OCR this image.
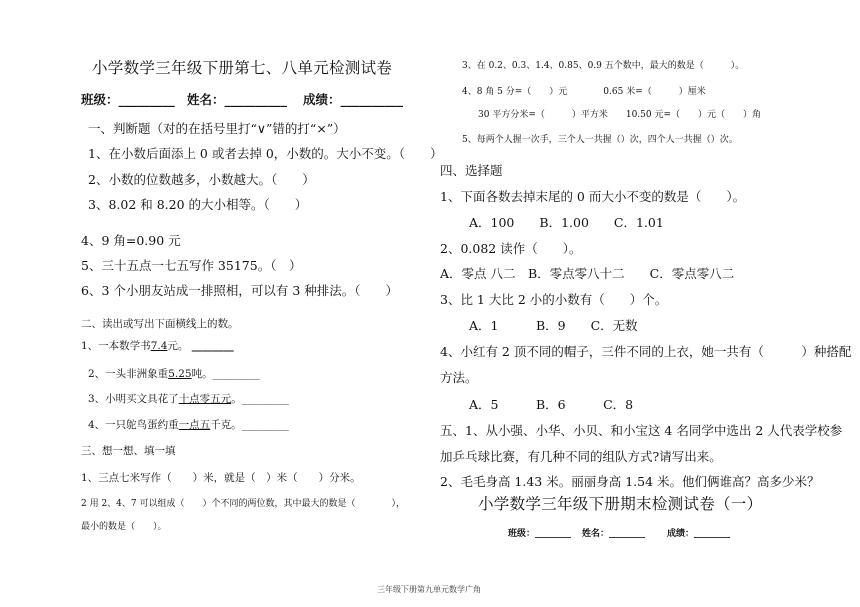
小学数学三年级下册第七、八单元检测试卷
班级：_________ 姓名：__________ 成绩：__________
一、判断题（对的在括号里打“∨”错的打“×”）
1、在小数后面添上 0 或者去掉 0，小数的。大小不变。（　　）
2、小数的位数越多，小数越大。（　　）
3、8.02 和 8.20 的大小相等。（　　）
4、9 角=0.90 元
5、三十五点一七五写作 35175。（　）
6、3 个小朋友站成一排照相，可以有 3 种排法。（　　）
二、读出或写出下面横线上的数。
1、一本数学书7.4元。 ________
2、一头非洲象重5.25吨。_________
3、小明买文具花了十点零五元。_________
4、一只鸵鸟蛋约重一点五千克。_________
三、想一想、填一填
1、三点七米写作（　　）米，就是（　）米（　　）分米。
2 用 2、4、7 可以组成（　　）个不同的两位数，其中最大的数是（　　　　），
最小的数是（　　）。
3、在 0.2、0.3、1.4、0.85、0.9 五个数中，最大的数是（　　　）。
4、8 角 5 分=（　　）元　　　　0.65 米=（　　　）厘米
30 平方分米=（　　　）平方米　　10.50 元=（　　）元（　　）角
5、每两个人握一次手，三个人一共握（）次，四个人一共握（）次。
四、选择题
1、下面各数去掉末尾的 0 而大小不变的数是（　　）。
A．100　　B．1.00　　C．1.01
2、0.082 读作（　　）。
A．零点 八二　B．零点零八十二　　C．零点零八二
3、比 1 大比 2 小的小数有（　　）个。
A．1　　　B．9　　C．无数
4、小红有 2 顶不同的帽子，三件不同的上衣，她一共有（　　　）种搭配
方法。
A．5　　　B．6　　　C．8
五、1、从小强、小华、小贝、和小宝这 4 名同学中选出 2 人代表学校参
加乒乓球比赛，有几种不同的组队方式?请写出来。
2、毛毛身高 1.43 米。丽丽身高 1.54 米。他们俩谁高？高多少米？
小学数学三年级下册期末检测试卷（一）
班级：________ 姓名：________ 成绩：________
三年级下册第九单元数学广角
